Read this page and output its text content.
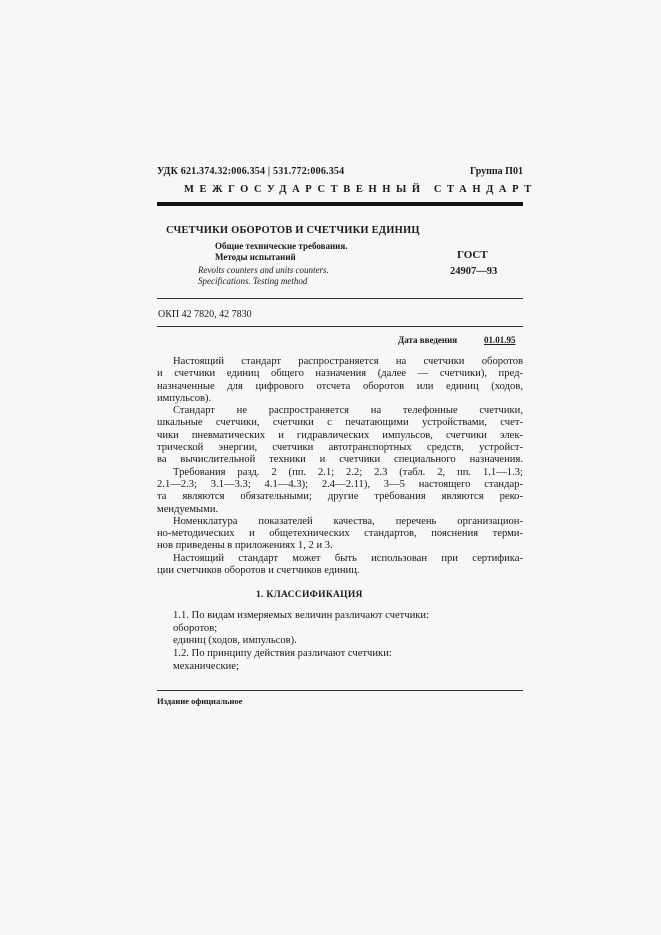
УДК 621.374.32:006.354 | 531.772:006.354	Группа П01
МЕЖГОСУДАРСТВЕННЫЙ СТАНДАРТ
СЧЕТЧИКИ ОБОРОТОВ И СЧЕТЧИКИ ЕДИНИЦ
Общие технические требования.
Методы испытаний
Revolts counters and units counters.
Specifications. Testing method
ГОСТ
24907—93
ОКП 42 7820, 42 7830
Дата введения	01.01.95

Настоящий стандарт распространяется на счетчики оборотов
и счетчики единиц общего назначения (далее — счетчики), пред-
назначенные для цифрового отсчета оборотов или единиц (ходов,
импульсов).

Стандарт не распространяется на телефонные счетчики,
шкальные счетчики, счетчики с печатающими устройствами, счет-
чики пневматических и гидравлических импульсов, счетчики элек-
трической энергии, счетчики автотранспортных средств, устройст-
ва вычислительной техники и счетчики специального назначения.

Требования разд. 2 (пп. 2.1; 2.2; 2.3 (табл. 2, пп. 1.1—1.3;
2.1—2.3; 3.1—3.3; 4.1—4.3); 2.4—2.11), 3—5 настоящего стандар-
та являются обязательными; другие требования являются реко-
мендуемыми.

Номенклатура показателей качества, перечень организацион-
но-методических и общетехнических стандартов, пояснения терми-
нов приведены в приложениях 1, 2 и 3.

Настоящий стандарт может быть использован при сертифика-
ции счетчиков оборотов и счетчиков единиц.

1. КЛАССИФИКАЦИЯ
1.1. По видам измеряемых величин различают счетчики:
оборотов;
единиц (ходов, импульсов).
1.2. По принципу действия различают счетчики:
механические;
Издание официальное
